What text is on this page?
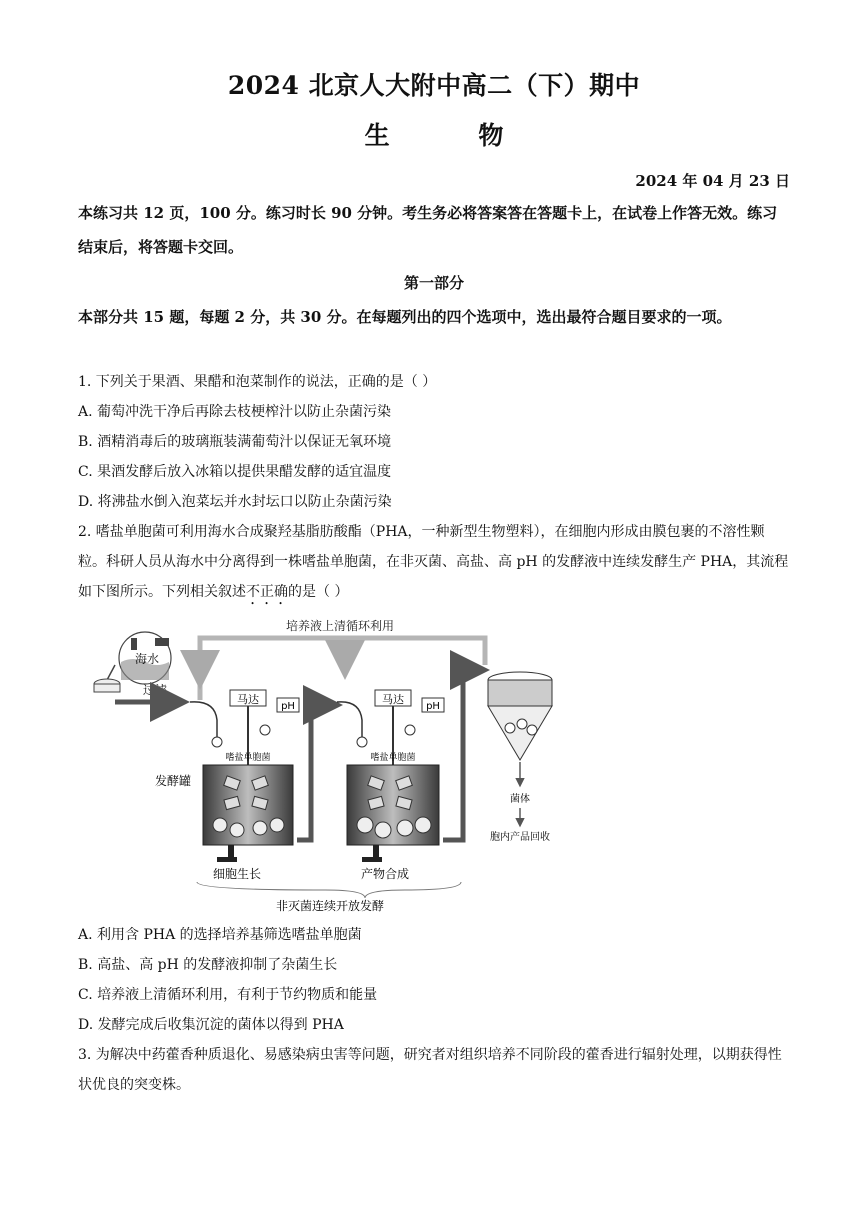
2024 北京人大附中高二（下）期中
生 物
2024 年 04 月 23 日
本练习共 12 页，100 分。练习时长 90 分钟。考生务必将答案答在答题卡上，在试卷上作答无效。练习结束后，将答题卡交回。
第一部分
本部分共 15 题，每题 2 分，共 30 分。在每题列出的四个选项中，选出最符合题目要求的一项。
1. 下列关于果酒、果醋和泡菜制作的说法，正确的是（ ）
A. 葡萄冲洗干净后再除去枝梗榨汁以防止杂菌污染
B. 酒精消毒后的玻璃瓶装满葡萄汁以保证无氧环境
C. 果酒发酵后放入冰箱以提供果醋发酵的适宜温度
D. 将沸盐水倒入泡菜坛并水封坛口以防止杂菌污染
2. 嗜盐单胞菌可利用海水合成聚羟基脂肪酸酯（PHA，一种新型生物塑料），在细胞内形成由膜包裹的不溶性颗粒。科研人员从海水中分离得到一株嗜盐单胞菌，在非灭菌、高盐、高 pH 的发酵液中连续发酵生产 PHA，其流程如下图所示。下列相关叙述不正确的是（ ）
培养液上清循环利用
海水
过滤
马达
pH
嗜盐单胞菌
发酵罐
马达
pH
嗜盐单胞菌
菌体
胞内产品回收
细胞生长	产物合成
非灭菌连续开放发酵
A. 利用含 PHA 的选择培养基筛选嗜盐单胞菌
B. 高盐、高 pH 的发酵液抑制了杂菌生长
C. 培养液上清循环利用，有利于节约物质和能量
D. 发酵完成后收集沉淀的菌体以得到 PHA
3. 为解决中药藿香种质退化、易感染病虫害等问题，研究者对组织培养不同阶段的藿香进行辐射处理，以期获得性状优良的突变株。
